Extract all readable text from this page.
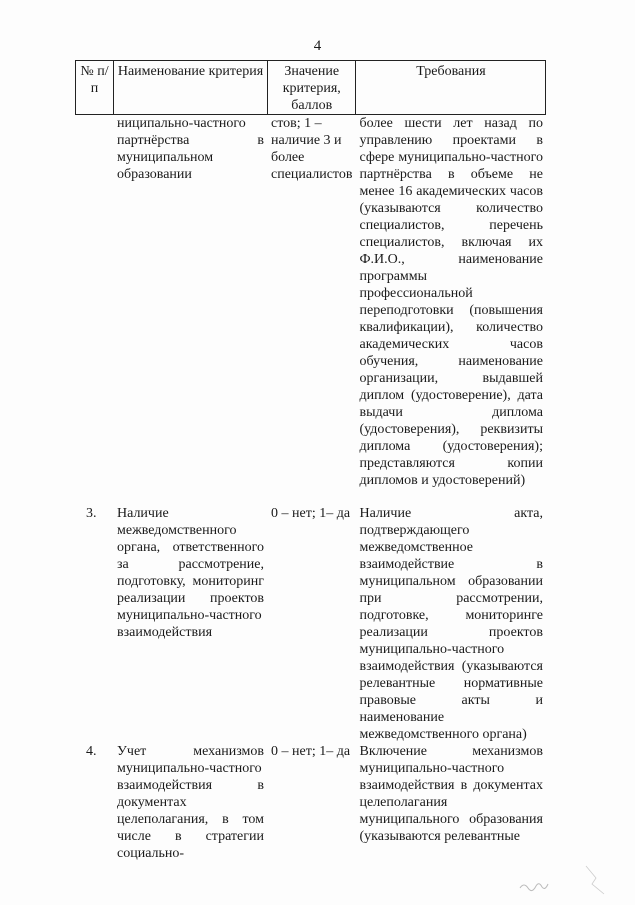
4
№ п/п	Наименование критерия	Значение критерия, баллов	Требования
	ниципально-частного партнёрства в муниципальном образовании	стов; 1 – наличие 3 и более специалистов	более шести лет назад по управлению проектами в сфере муниципально-частного партнёрства в объеме не менее 16 академических часов (указываются количество специалистов, перечень специалистов, включая их Ф.И.О., наименование программы профессиональной переподготовки (повышения квалификации), количество академических часов обучения, наименование организации, выдавшей диплом (удостоверение), дата выдачи диплома (удостоверения), реквизиты диплома (удостоверения); представляются копии дипломов и удостоверений)
3.	Наличие межведомственного органа, ответственного за рассмотрение, подготовку, мониторинг реализации проектов муниципально-частного взаимодействия	0 – нет; 1– да	Наличие акта, подтверждающего межведомственное взаимодействие в муниципальном образовании при рассмотрении, подготовке, мониторинге реализации проектов муниципально-частного взаимодействия (указываются релевантные нормативные правовые акты и наименование межведомственного органа)
4.	Учет механизмов муниципально-частного взаимодействия в документах целеполагания, в том числе в стратегии социально-	0 – нет; 1– да	Включение механизмов муниципально-частного взаимодействия в документах целеполагания муниципального образования (указываются релевантные
